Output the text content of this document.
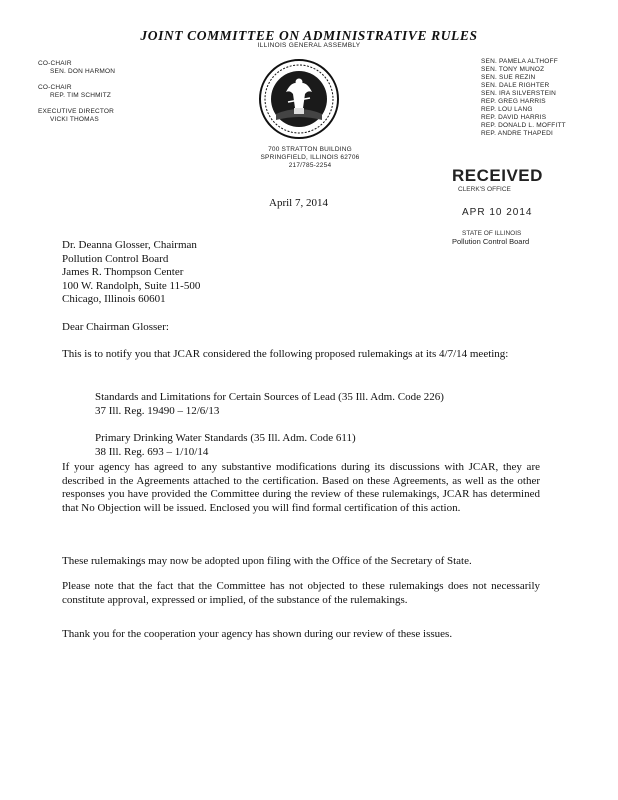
JOINT COMMITTEE ON ADMINISTRATIVE RULES
ILLINOIS GENERAL ASSEMBLY
CO-CHAIR
SEN. DON HARMON
CO-CHAIR
REP. TIM SCHMITZ
EXECUTIVE DIRECTOR
VICKI THOMAS
SEN. PAMELA ALTHOFF
SEN. TONY MUNOZ
SEN. SUE REZIN
SEN. DALE RIGHTER
SEN. IRA SILVERSTEIN
REP. GREG HARRIS
REP. LOU LANG
REP. DAVID HARRIS
REP. DONALD L. MOFFITT
REP. ANDRE THAPEDI
700 STRATTON BUILDING
SPRINGFIELD, ILLINOIS 62706
217/785-2254
RECEIVED
CLERK'S OFFICE
APR 10 2014
STATE OF ILLINOIS
Pollution Control Board
April 7, 2014
Dr. Deanna Glosser, Chairman
Pollution Control Board
James R. Thompson Center
100 W. Randolph, Suite 11-500
Chicago, Illinois 60601
Dear Chairman Glosser:
This is to notify you that JCAR considered the following proposed rulemakings at its 4/7/14 meeting:
Standards and Limitations for Certain Sources of Lead (35 Ill. Adm. Code 226)
37 Ill. Reg. 19490 – 12/6/13
Primary Drinking Water Standards (35 Ill. Adm. Code 611)
38 Ill. Reg. 693 – 1/10/14
If your agency has agreed to any substantive modifications during its discussions with JCAR, they are described in the Agreements attached to the certification. Based on these Agreements, as well as the other responses you have provided the Committee during the review of these rulemakings, JCAR has determined that No Objection will be issued. Enclosed you will find formal certification of this action.
These rulemakings may now be adopted upon filing with the Office of the Secretary of State.
Please note that the fact that the Committee has not objected to these rulemakings does not necessarily constitute approval, expressed or implied, of the substance of the rulemakings.
Thank you for the cooperation your agency has shown during our review of these issues.
